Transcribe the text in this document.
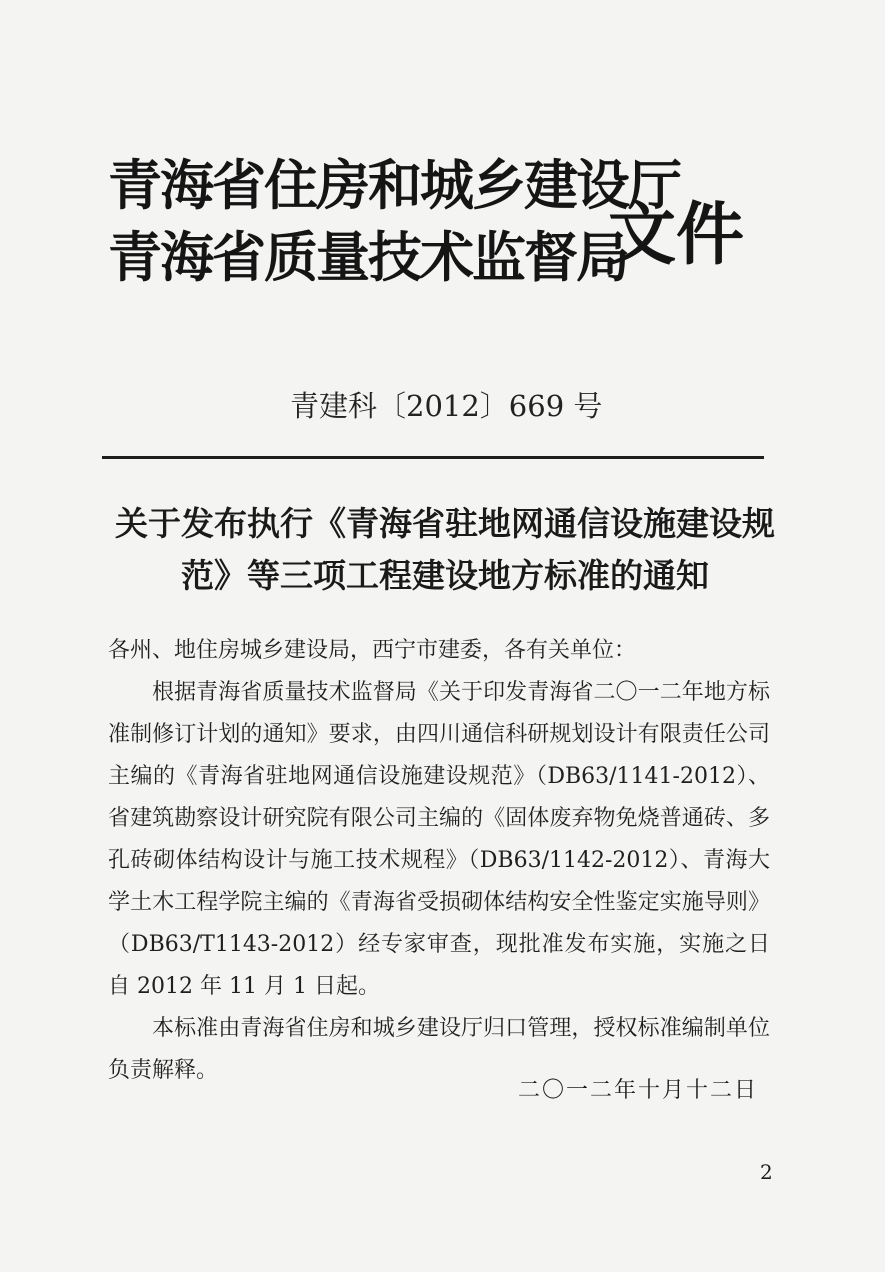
青海省住房和城乡建设厅
青海省质量技术监督局
文件
青建科〔2012〕669 号
关于发布执行《青海省驻地网通信设施建设规
范》等三项工程建设地方标准的通知
各州、地住房城乡建设局，西宁市建委，各有关单位：

根据青海省质量技术监督局《关于印发青海省二〇一二年地方标准制修订计划的通知》要求，由四川通信科研规划设计有限责任公司主编的《青海省驻地网通信设施建设规范》（DB63/1141-2012）、省建筑勘察设计研究院有限公司主编的《固体废弃物免烧普通砖、多孔砖砌体结构设计与施工技术规程》（DB63/1142-2012）、青海大学土木工程学院主编的《青海省受损砌体结构安全性鉴定实施导则》（DB63/T1143-2012）经专家审查，现批准发布实施，实施之日自 2012 年 11 月 1 日起。

本标准由青海省住房和城乡建设厅归口管理，授权标准编制单位负责解释。

二〇一二年十月十二日
2
